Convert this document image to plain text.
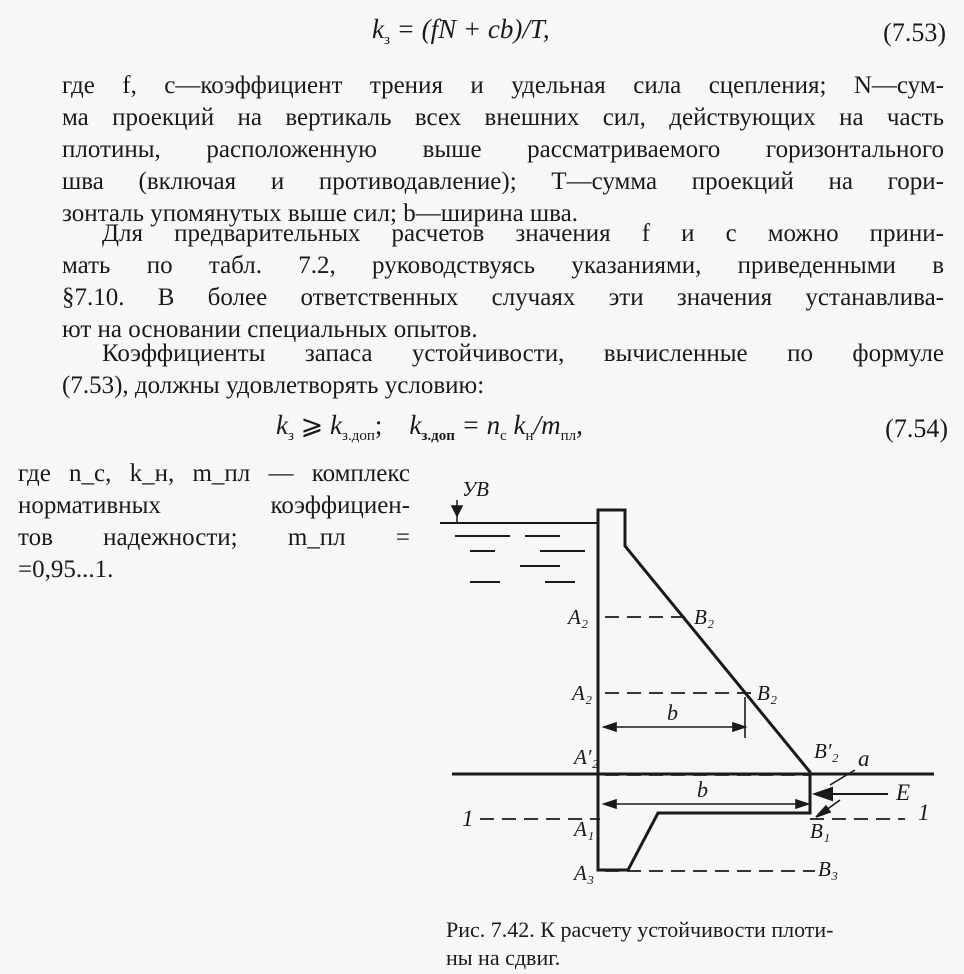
$k_з = (fN + cb)/T$,	(7.53)
где f, c—коэффициент трения и удельная сила сцепления; N—сум-
ма проекций на вертикаль всех внешних сил, действующих на часть
плотины, расположенную выше рассматриваемого горизонтального
шва (включая и противодавление); T—сумма проекций на гори-
зонталь упомянутых выше сил; b—ширина шва.
Для предварительных расчетов значения f и c можно прини-
мать по табл. 7.2, руководствуясь указаниями, приведенными в
§7.10. В более ответственных случаях эти значения устанавлива-
ют на основании специальных опытов.
Коэффициенты запаса устойчивости, вычисленные по формуле
(7.53), должны удовлетворять условию:
$k_з$ ⩾ $k_{з.доп}$; $k_{з.доп} = n_с$ $k_н/m_{пл}$,	(7.54)
где n_с, k_н, m_пл — комплекс
нормативных коэффициен-
тов надежности; m_пл =
=0,95...1.
УВ
A₂	B₂
A₂	B₂
b
A′₂	B′₂ a
E
b
1	1
A₁	B₁
A₃	B₃
Рис. 7.42. К расчету устойчивости плоти-
ны на сдвиг.
